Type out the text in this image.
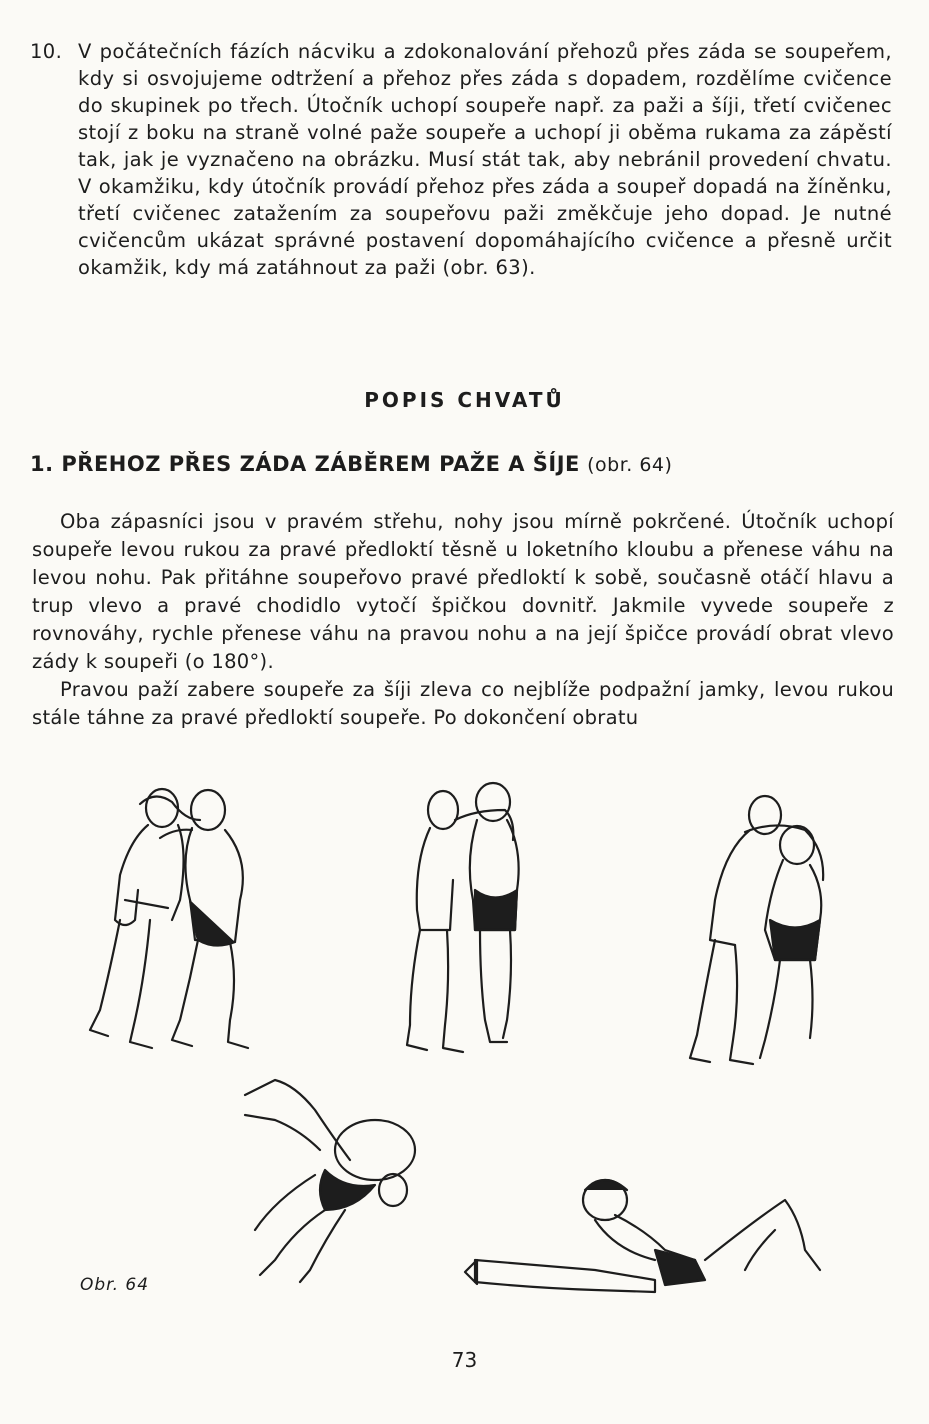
10. V počátečních fázích nácviku a zdokonalování přehozů přes záda se soupeřem, kdy si osvojujeme odtržení a přehoz přes záda s dopadem, rozdělíme cvičence do skupinek po třech. Útočník uchopí soupeře např. za paži a šíji, třetí cvičenec stojí z boku na straně volné paže soupeře a uchopí ji oběma rukama za zápěstí tak, jak je vyznačeno na obrázku. Musí stát tak, aby nebránil provedení chvatu. V okamžiku, kdy útočník provádí přehoz přes záda a soupeř dopadá na žíněnku, třetí cvičenec zatažením za soupeřovu paži změkčuje jeho dopad. Je nutné cvičencům ukázat správné postavení dopomáhajícího cvičence a přesně určit okamžik, kdy má zatáhnout za paži (obr. 63).
POPIS CHVATŮ
1. PŘEHOZ PŘES ZÁDA ZÁBĚREM PAŽE A ŠÍJE (obr. 64)

Oba zápasníci jsou v pravém střehu, nohy jsou mírně pokrčené. Útočník uchopí soupeře levou rukou za pravé předloktí těsně u loketního kloubu a přenese váhu na levou nohu. Pak přitáhne soupeřovo pravé předloktí k sobě, současně otáčí hlavu a trup vlevo a pravé chodidlo vytočí špičkou dovnitř. Jakmile vyvede soupeře z rovnováhy, rychle přenese váhu na pravou nohu a na její špičce provádí obrat vlevo zády k soupeři (o 180°).

Pravou paží zabere soupeře za šíji zleva co nejblíže podpažní jamky, levou rukou stále táhne za pravé předloktí soupeře. Po dokončení obratu

Obr. 64
73
